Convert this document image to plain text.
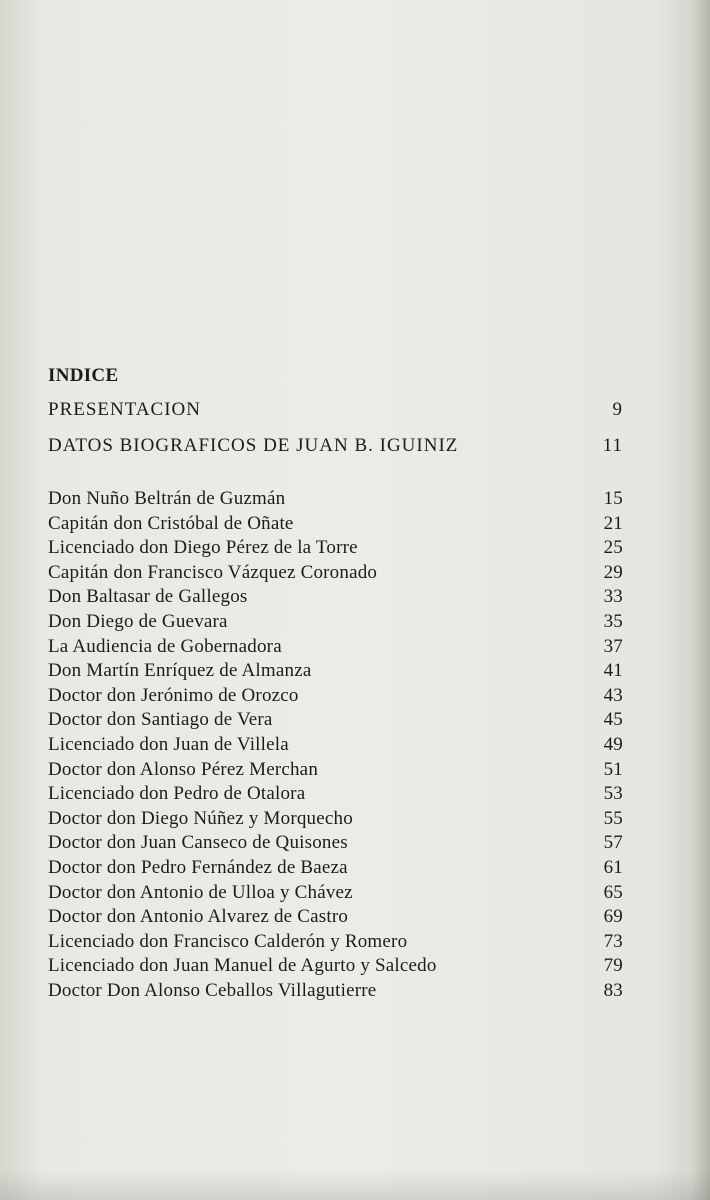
INDICE
PRESENTACION	9
DATOS BIOGRAFICOS DE JUAN B. IGUINIZ	11
Don Nuño Beltrán de Guzmán	15
Capitán don Cristóbal de Oñate	21
Licenciado don Diego Pérez de la Torre	25
Capitán don Francisco Vázquez Coronado	29
Don Baltasar de Gallegos	33
Don Diego de Guevara	35
La Audiencia de Gobernadora	37
Don Martín Enríquez de Almanza	41
Doctor don Jerónimo de Orozco	43
Doctor don Santiago de Vera	45
Licenciado don Juan de Villela	49
Doctor don Alonso Pérez Merchan	51
Licenciado don Pedro de Otalora	53
Doctor don Diego Núñez y Morquecho	55
Doctor don Juan Canseco de Quisones	57
Doctor don Pedro Fernández de Baeza	61
Doctor don Antonio de Ulloa y Chávez	65
Doctor don Antonio Alvarez de Castro	69
Licenciado don Francisco Calderón y Romero	73
Licenciado don Juan Manuel de Agurto y Salcedo	79
Doctor Don Alonso Ceballos Villagutierre	83
